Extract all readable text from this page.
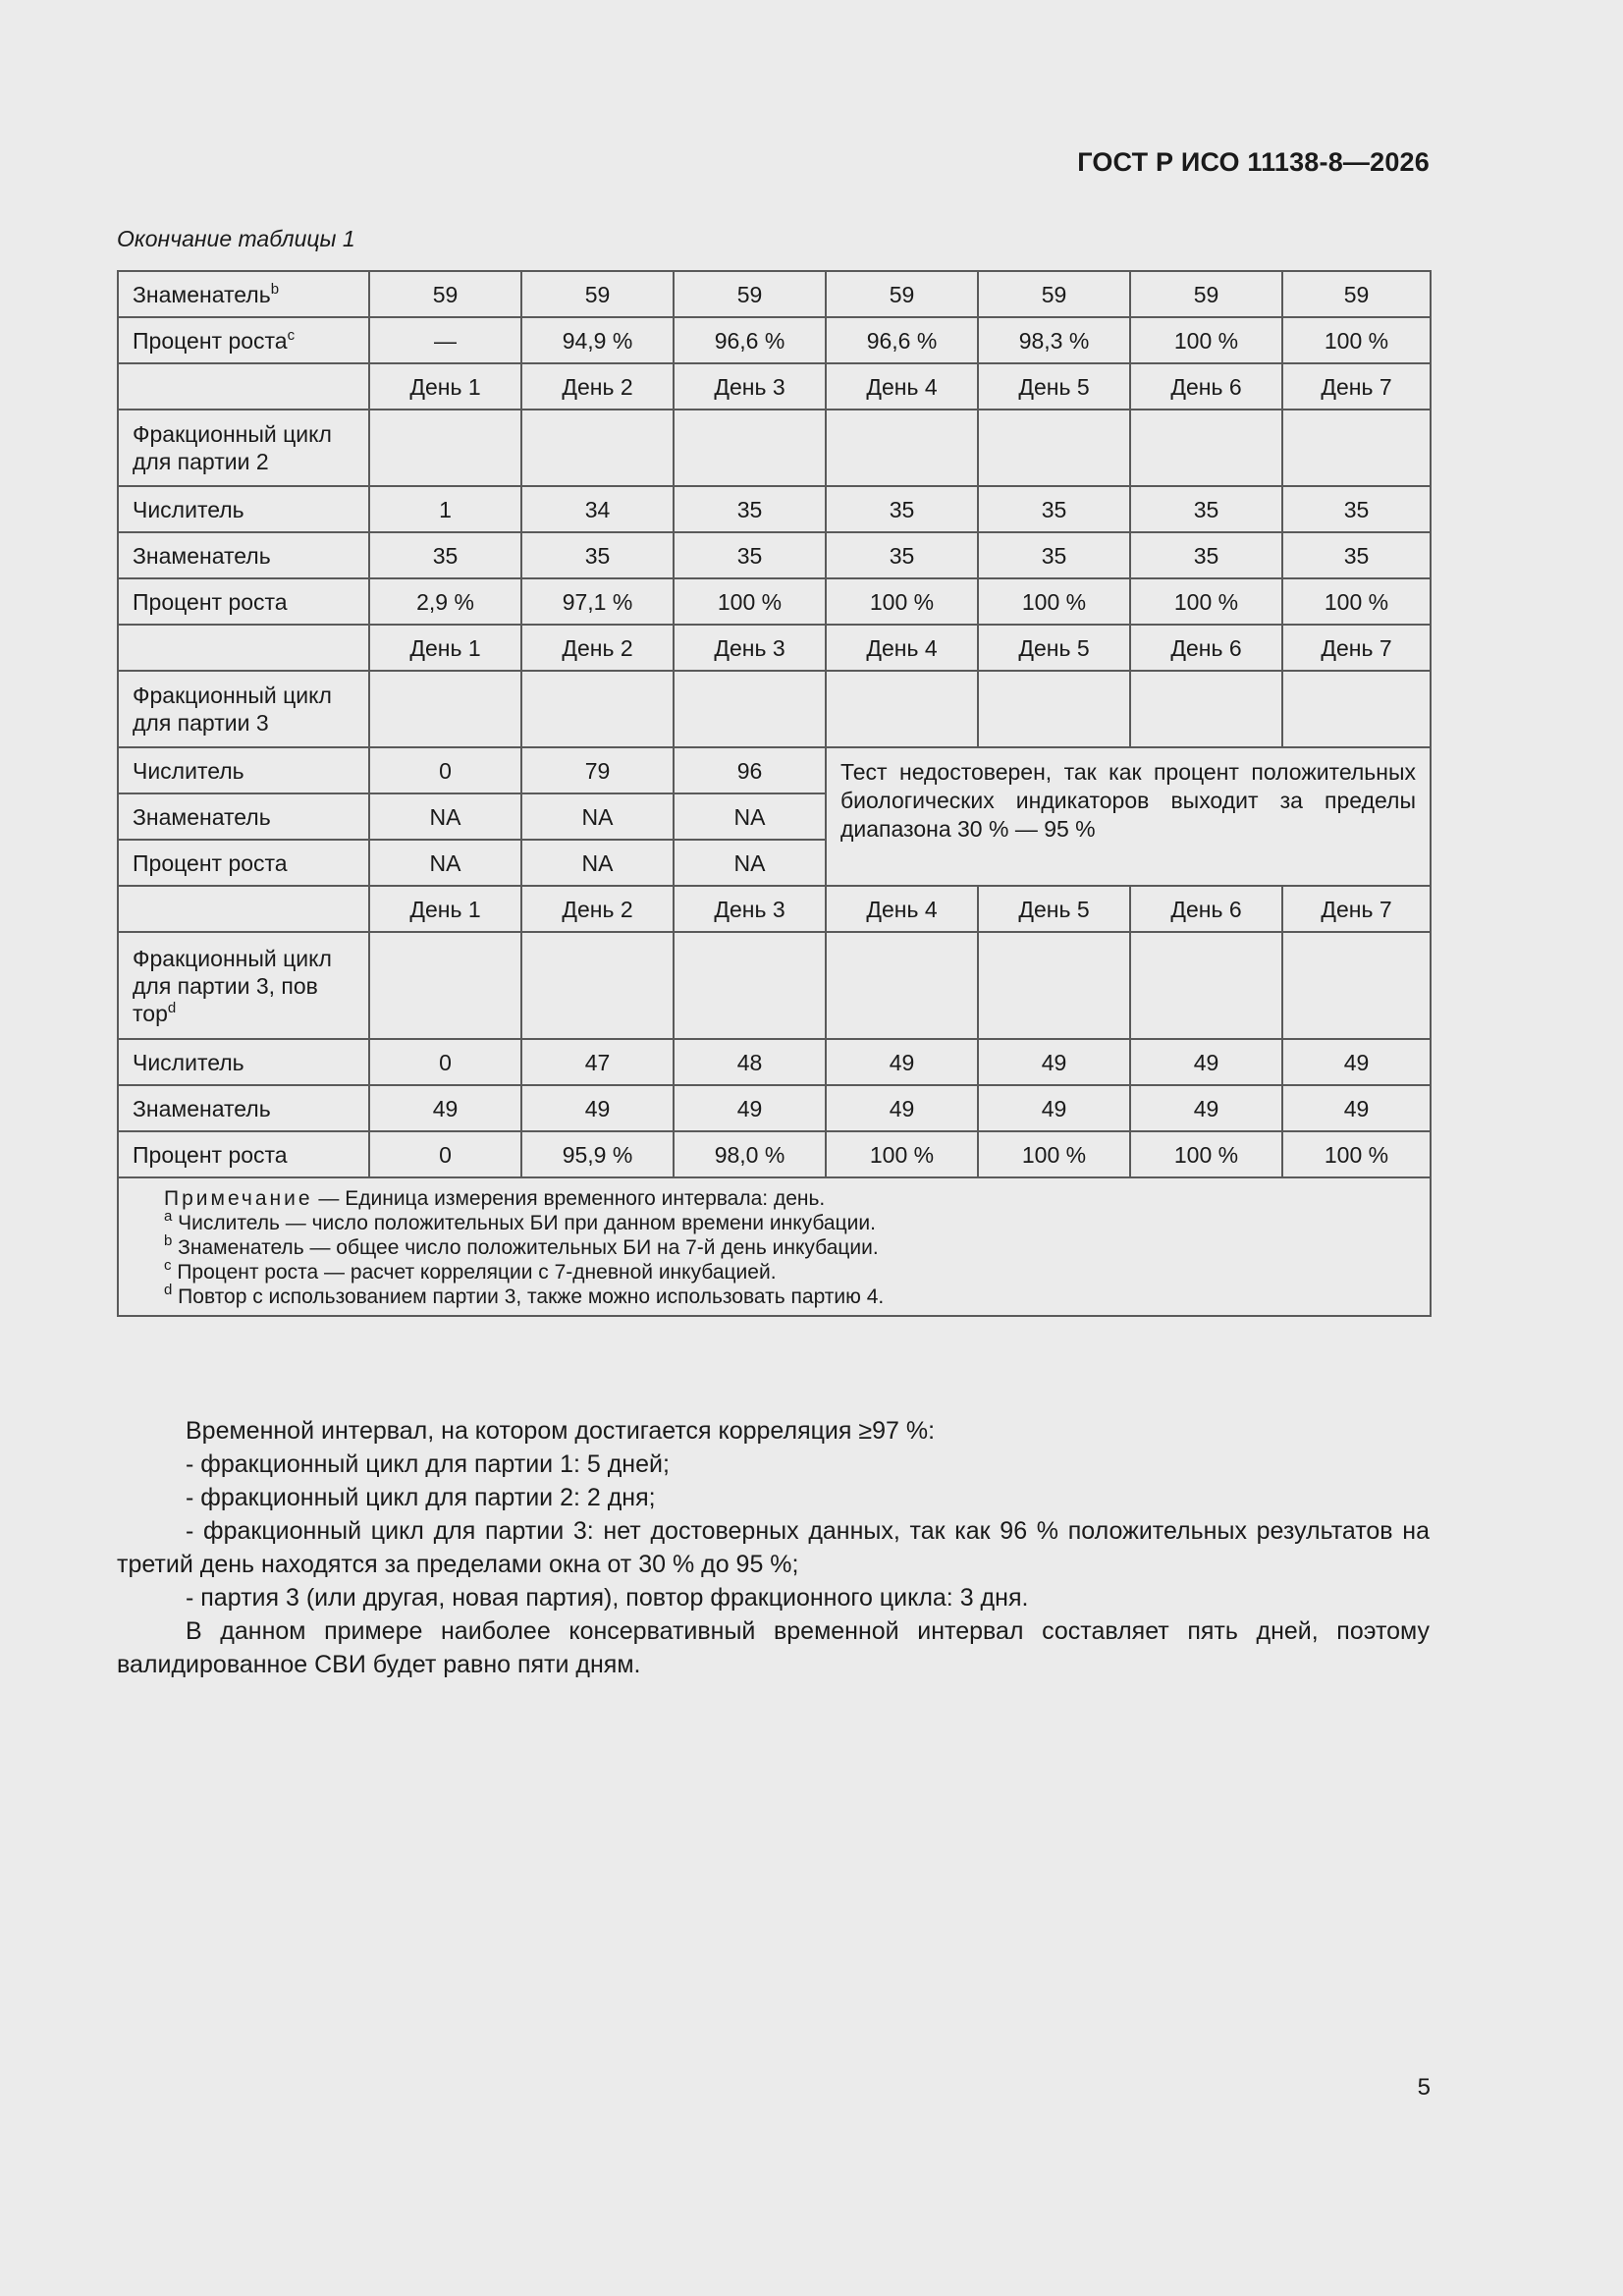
ГОСТ Р ИСО 11138-8—2026
Окончание таблицы 1
Знаменатель$^b$	59	59	59	59	59	59	59
Процент роста$^c$	—	94,9 %	96,6 %	96,6 %	98,3 %	100 %	100 %
	День 1	День 2	День 3	День 4	День 5	День 6	День 7
Фракционный цикл
для партии 2							
Числитель	1	34	35	35	35	35	35
Знаменатель	35	35	35	35	35	35	35
Процент роста	2,9 %	97,1 %	100 %	100 %	100 %	100 %	100 %
	День 1	День 2	День 3	День 4	День 5	День 6	День 7
Фракционный цикл
для партии 3							
Числитель	0	79	96	Тест недостоверен, так как процент положительных биологических индикаторов выходит за пределы диапазона 30 % — 95 %			
Знаменатель	NA	NA	NA				
Процент роста	NA	NA	NA				
	День 1	День 2	День 3	День 4	День 5	День 6	День 7
Фракционный цикл
для партии 3, пов
тор$^d$							
Числитель	0	47	48	49	49	49	49
Знаменатель	49	49	49	49	49	49	49
Процент роста	0	95,9 %	98,0 %	100 %	100 %	100 %	100 %

Примечание — Единица измерения временного интервала: день.
$^a$ Числитель — число положительных БИ при данном времени инкубации.
$^b$ Знаменатель — общее число положительных БИ на 7-й день инкубации.
$^c$ Процент роста — расчет корреляции с 7-дневной инкубацией.
$^d$ Повтор с использованием партии 3, также можно использовать партию 4.							

Временной интервал, на котором достигается корреляция ≥97 %:

- фракционный цикл для партии 1: 5 дней;

- фракционный цикл для партии 2: 2 дня;

- фракционный цикл для партии 3: нет достоверных данных, так как 96 % положительных результатов на третий день находятся за пределами окна от 30 % до 95 %;

- партия 3 (или другая, новая партия), повтор фракционного цикла: 3 дня.

В данном примере наиболее консервативный временной интервал составляет пять дней, поэтому валидированное СВИ будет равно пяти дням.

5
